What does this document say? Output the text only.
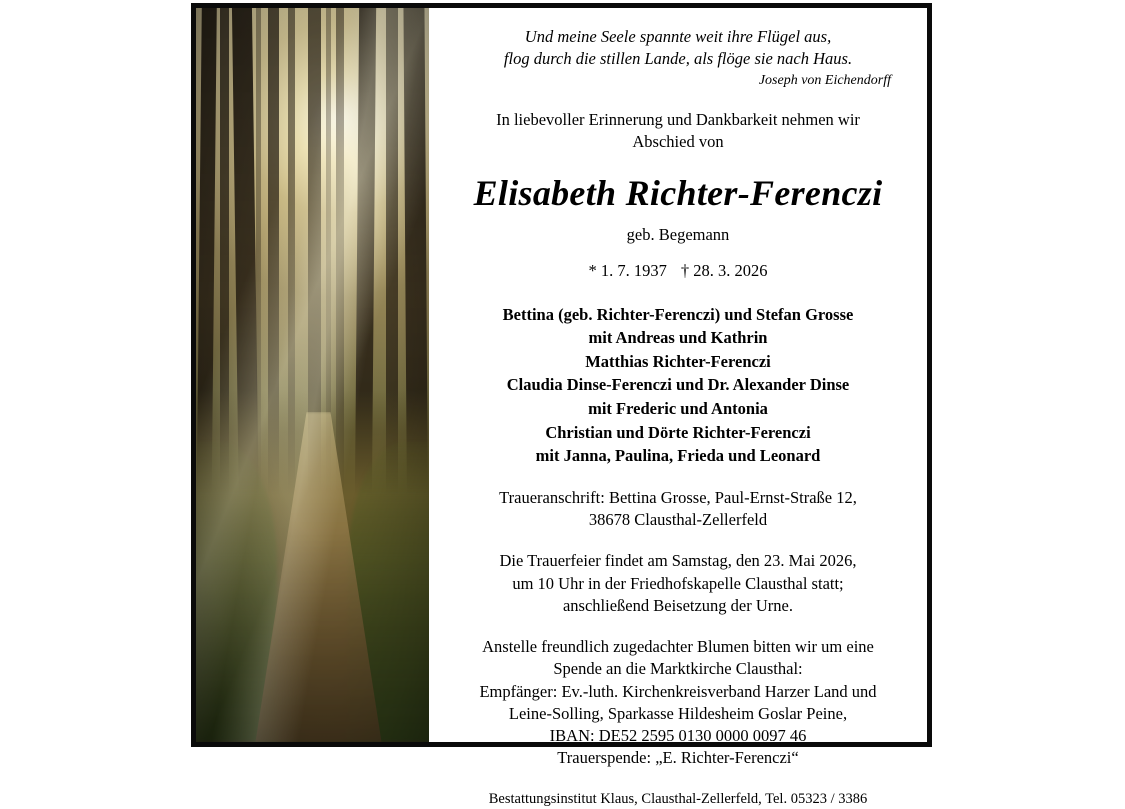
Und meine Seele spannte weit ihre Flügel aus,
flog durch die stillen Lande, als flöge sie nach Haus.
Joseph von Eichendorff
In liebevoller Erinnerung und Dankbarkeit nehmen wir
Abschied von
Elisabeth Richter-Ferenczi
geb. Begemann
* 1. 7. 1937 † 28. 3. 2026
Bettina (geb. Richter-Ferenczi) und Stefan Grosse
mit Andreas und Kathrin
Matthias Richter-Ferenczi
Claudia Dinse-Ferenczi und Dr. Alexander Dinse
mit Frederic und Antonia
Christian und Dörte Richter-Ferenczi
mit Janna, Paulina, Frieda und Leonard
Traueranschrift: Bettina Grosse, Paul-Ernst-Straße 12,
38678 Clausthal-Zellerfeld
Die Trauerfeier findet am Samstag, den 23. Mai 2026,
um 10 Uhr in der Friedhofskapelle Clausthal statt;
anschließend Beisetzung der Urne.
Anstelle freundlich zugedachter Blumen bitten wir um eine
Spende an die Marktkirche Clausthal:
Empfänger: Ev.-luth. Kirchenkreisverband Harzer Land und
Leine-Solling, Sparkasse Hildesheim Goslar Peine,
IBAN: DE52 2595 0130 0000 0097 46
Trauerspende: „E. Richter-Ferenczi“
Bestattungsinstitut Klaus, Clausthal-Zellerfeld, Tel. 05323 / 3386
